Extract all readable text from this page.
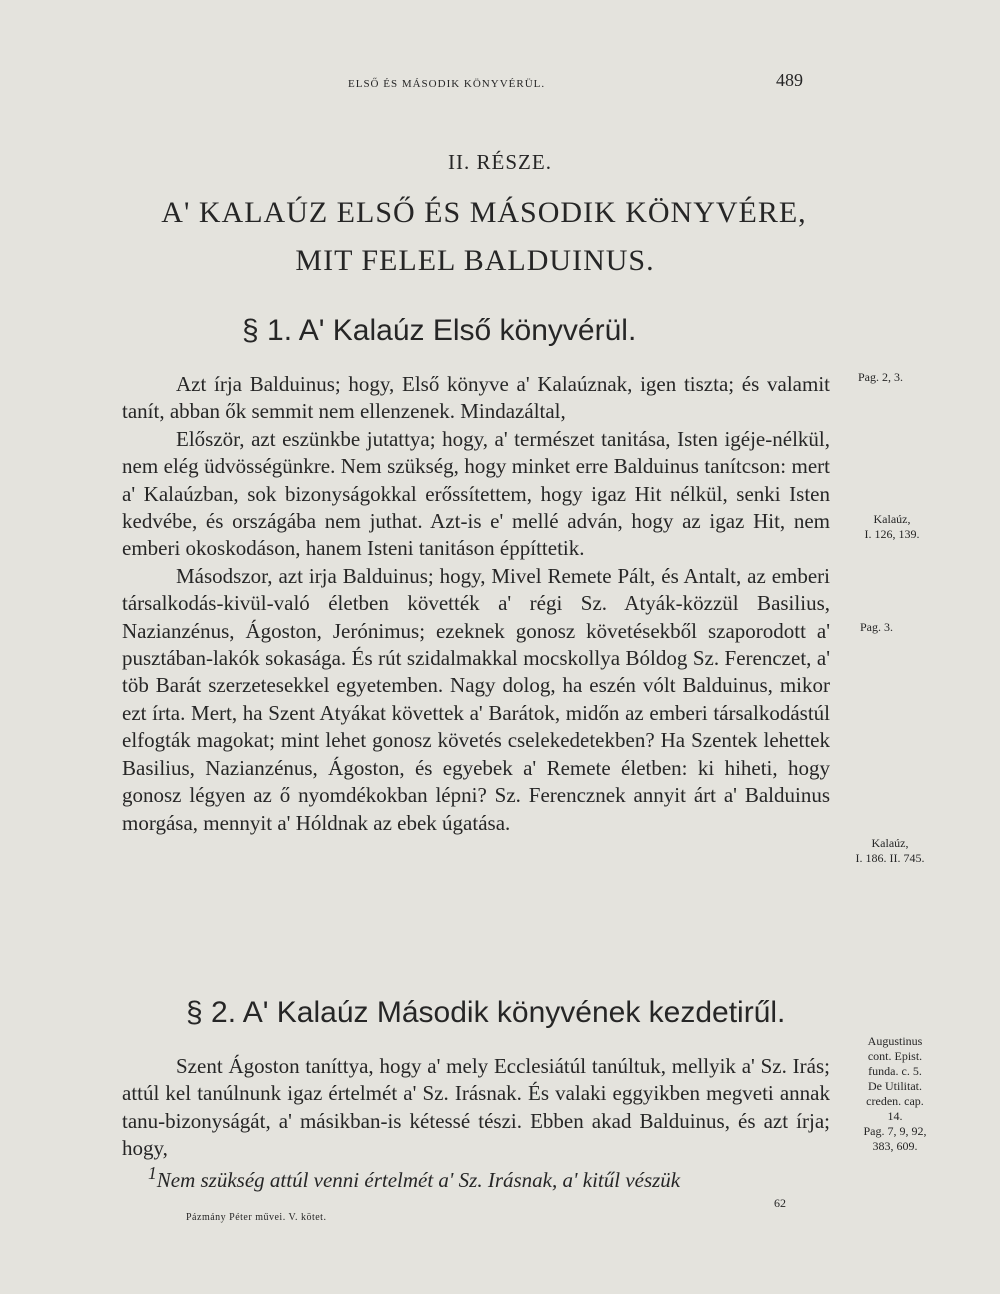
ELSŐ ÉS MÁSODIK KÖNYVÉRÜL.	489
II. RÉSZE.
A' KALAÚZ ELSŐ ÉS MÁSODIK KÖNYVÉRE,
MIT FELEL BALDUINUS.
§ 1. A' Kalaúz Első könyvérül.

Azt írja Balduinus; hogy, Első könyve a' Kalaúznak, igen tiszta; és valamit tanít, abban ők semmit nem ellenzenek. Mindazáltal,

Először, azt eszünkbe jutattya; hogy, a' természet tanitása, Isten igéje-nélkül, nem elég üdvösségünkre. Nem szükség, hogy minket erre Balduinus tanítcson: mert a' Kalaúzban, sok bizonyságokkal erőssítettem, hogy igaz Hit nélkül, senki Isten kedvébe, és országába nem juthat. Azt-is e' mellé adván, hogy az igaz Hit, nem emberi okoskodáson, hanem Isteni tanitáson éppíttetik.

Másodszor, azt irja Balduinus; hogy, Mivel Remete Pált, és Antalt, az emberi társalkodás-kivül-való életben követték a' régi Sz. Atyák-közzül Basilius, Nazianzénus, Ágoston, Jerónimus; ezeknek gonosz követésekből szaporodott a' pusztában-lakók sokasága. És rút szidalmakkal mocskollya Bóldog Sz. Ferenczet, a' töb Barát szerzetesekkel egyetemben. Nagy dolog, ha eszén vólt Balduinus, mikor ezt írta. Mert, ha Szent Atyákat követtek a' Barátok, midőn az emberi társalkodástúl elfogták magokat; mint lehet gonosz követés cselekedetekben? Ha Szentek lehettek Basilius, Nazianzénus, Ágoston, és egyebek a' Remete életben: ki hiheti, hogy gonosz légyen az ő nyomdékokban lépni? Sz. Ferencznek annyit árt a' Balduinus morgása, mennyit a' Hóldnak az ebek úgatása.

§ 2. A' Kalaúz Második könyvének kezdetirűl.

Szent Ágoston taníttya, hogy a' mely Ecclesiátúl tanúltuk, mellyik a' Sz. Irás; attúl kel tanúlnunk igaz értelmét a' Sz. Irásnak. És valaki eggyikben megveti annak tanu-bizonyságát, a' másikban-is kétessé tészi. Ebben akad Balduinus, és azt írja; hogy,

$^1$Nem szükség attúl venni értelmét a' Sz. Irásnak, a' kitűl vészük
Pag. 2, 3.
Kalaúz,
I. 126, 139.
Pag. 3.
Kalaúz,
I. 186. II. 745.
Augustinus
cont. Epist.
funda. c. 5.
De Utilitat.
creden. cap.
14.
Pag. 7, 9, 92,
383, 609.
62
Pázmány Péter művei. V. kötet.
